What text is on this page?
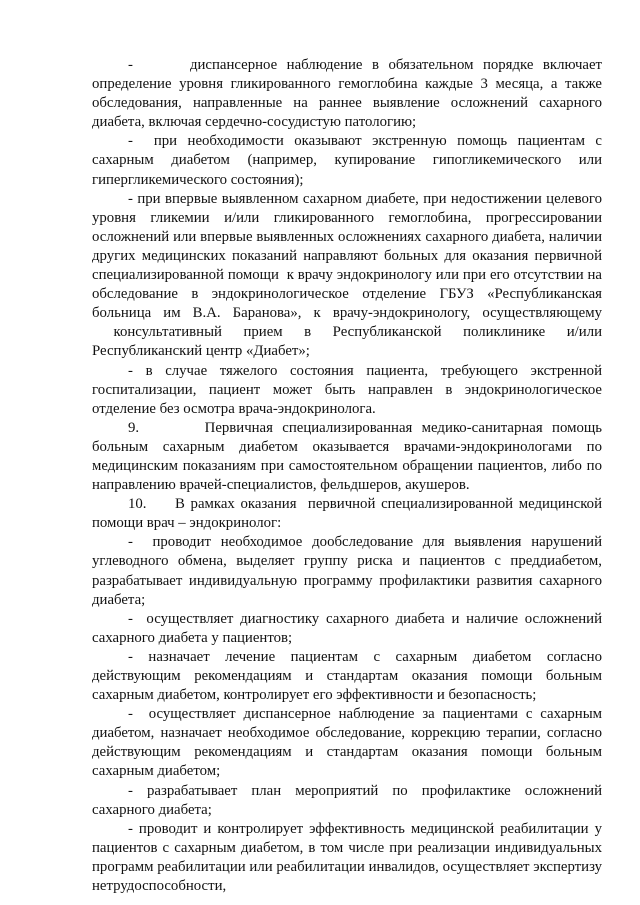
-      диспансерное наблюдение в обязательном порядке включает определение уровня гликированного гемоглобина каждые 3 месяца, а также обследования, направленные на раннее выявление осложнений сахарного диабета, включая сердечно-сосудистую патологию;

-  при необходимости оказывают экстренную помощь пациентам с сахарным диабетом (например, купирование гипогликемического или гипергликемического состояния);

- при впервые выявленном сахарном диабете, при недостижении целевого уровня гликемии и/или гликированного гемоглобина, прогрессировании осложнений или впервые выявленных осложнениях сахарного диабета, наличии других медицинских показаний направляют больных для оказания первичной специализированной помощи  к врачу эндокринологу или при его отсутствии на обследование в эндокринологическое отделение ГБУЗ «Республиканская больница им В.А. Баранова», к врачу-эндокринологу, осуществляющему  консультативный прием в Республиканской поликлинике и/или Республиканский центр «Диабет»;

- в случае тяжелого состояния пациента, требующего экстренной госпитализации, пациент может быть направлен в эндокринологическое отделение без осмотра врача-эндокринолога.

9.       Первичная специализированная медико-санитарная помощь больным сахарным диабетом оказывается врачами-эндокринологами по медицинским показаниям при самостоятельном обращении пациентов, либо по направлению врачей-специалистов, фельдшеров, акушеров.

10.     В рамках оказания  первичной специализированной медицинской помощи врач – эндокринолог:

-  проводит необходимое дообследование для выявления нарушений углеводного обмена, выделяет группу риска и пациентов с преддиабетом, разрабатывает индивидуальную программу профилактики развития сахарного диабета;

-  осуществляет диагностику сахарного диабета и наличие осложнений сахарного диабета у пациентов;

- назначает лечение пациентам с сахарным диабетом согласно действующим рекомендациям и стандартам оказания помощи больным сахарным диабетом, контролирует его эффективности и безопасность;

-  осуществляет диспансерное наблюдение за пациентами с сахарным диабетом, назначает необходимое обследование, коррекцию терапии, согласно действующим рекомендациям и стандартам оказания помощи больным сахарным диабетом;

- разрабатывает план мероприятий по профилактике осложнений сахарного диабета;

- проводит и контролирует эффективность медицинской реабилитации у пациентов с сахарным диабетом, в том числе при реализации индивидуальных программ реабилитации или реабилитации инвалидов, осуществляет экспертизу нетрудоспособности,
